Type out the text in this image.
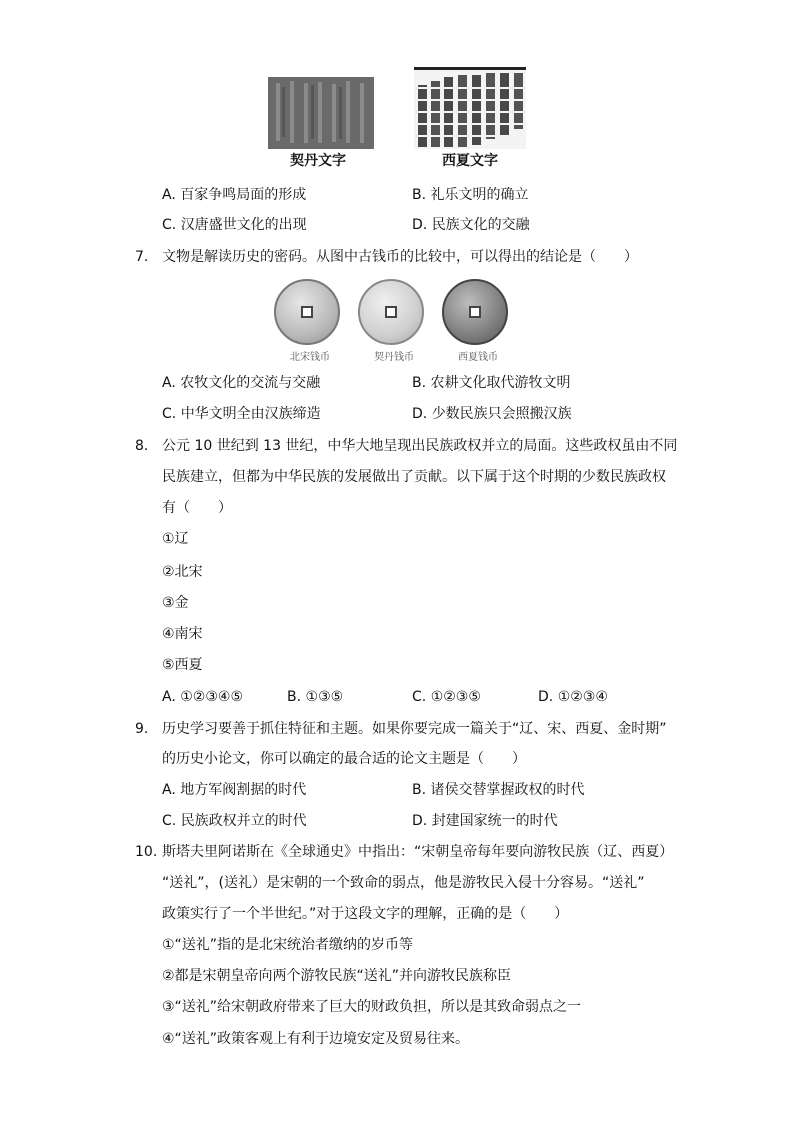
契丹文字	西夏文字
A. 百家争鸣局面的形成	B. 礼乐文明的确立
C. 汉唐盛世文化的出现	D. 民族文化的交融
7. 文物是解读历史的密码。从图中古钱币的比较中，可以得出的结论是（　　）
北宋钱币	契丹钱币	西夏钱币
A. 农牧文化的交流与交融	B. 农耕文化取代游牧文明
C. 中华文明全由汉族缔造	D. 少数民族只会照搬汉族
8. 公元 10 世纪到 13 世纪，中华大地呈现出民族政权并立的局面。这些政权虽由不同
民族建立，但都为中华民族的发展做出了贡献。以下属于这个时期的少数民族政权
有（　　）
①辽
②北宋
③金
④南宋
⑤西夏
A. ①②③④⑤	B. ①③⑤	C. ①②③⑤	D. ①②③④
9. 历史学习要善于抓住特征和主题。如果你要完成一篇关于“辽、宋、西夏、金时期”
的历史小论文，你可以确定的最合适的论文主题是（　　）
A. 地方军阀割据的时代	B. 诸侯交替掌握政权的时代
C. 民族政权并立的时代	D. 封建国家统一的时代
10. 斯塔夫里阿诺斯在《全球通史》中指出：“宋朝皇帝每年要向游牧民族（辽、西夏）
“送礼”，(送礼）是宋朝的一个致命的弱点，他是游牧民入侵十分容易。“送礼”
政策实行了一个半世纪。”对于这段文字的理解，正确的是（　　）
①“送礼”指的是北宋统治者缴纳的岁币等
②都是宋朝皇帝向两个游牧民族“送礼”并向游牧民族称臣
③“送礼”给宋朝政府带来了巨大的财政负担，所以是其致命弱点之一
④“送礼”政策客观上有利于边境安定及贸易往来。
